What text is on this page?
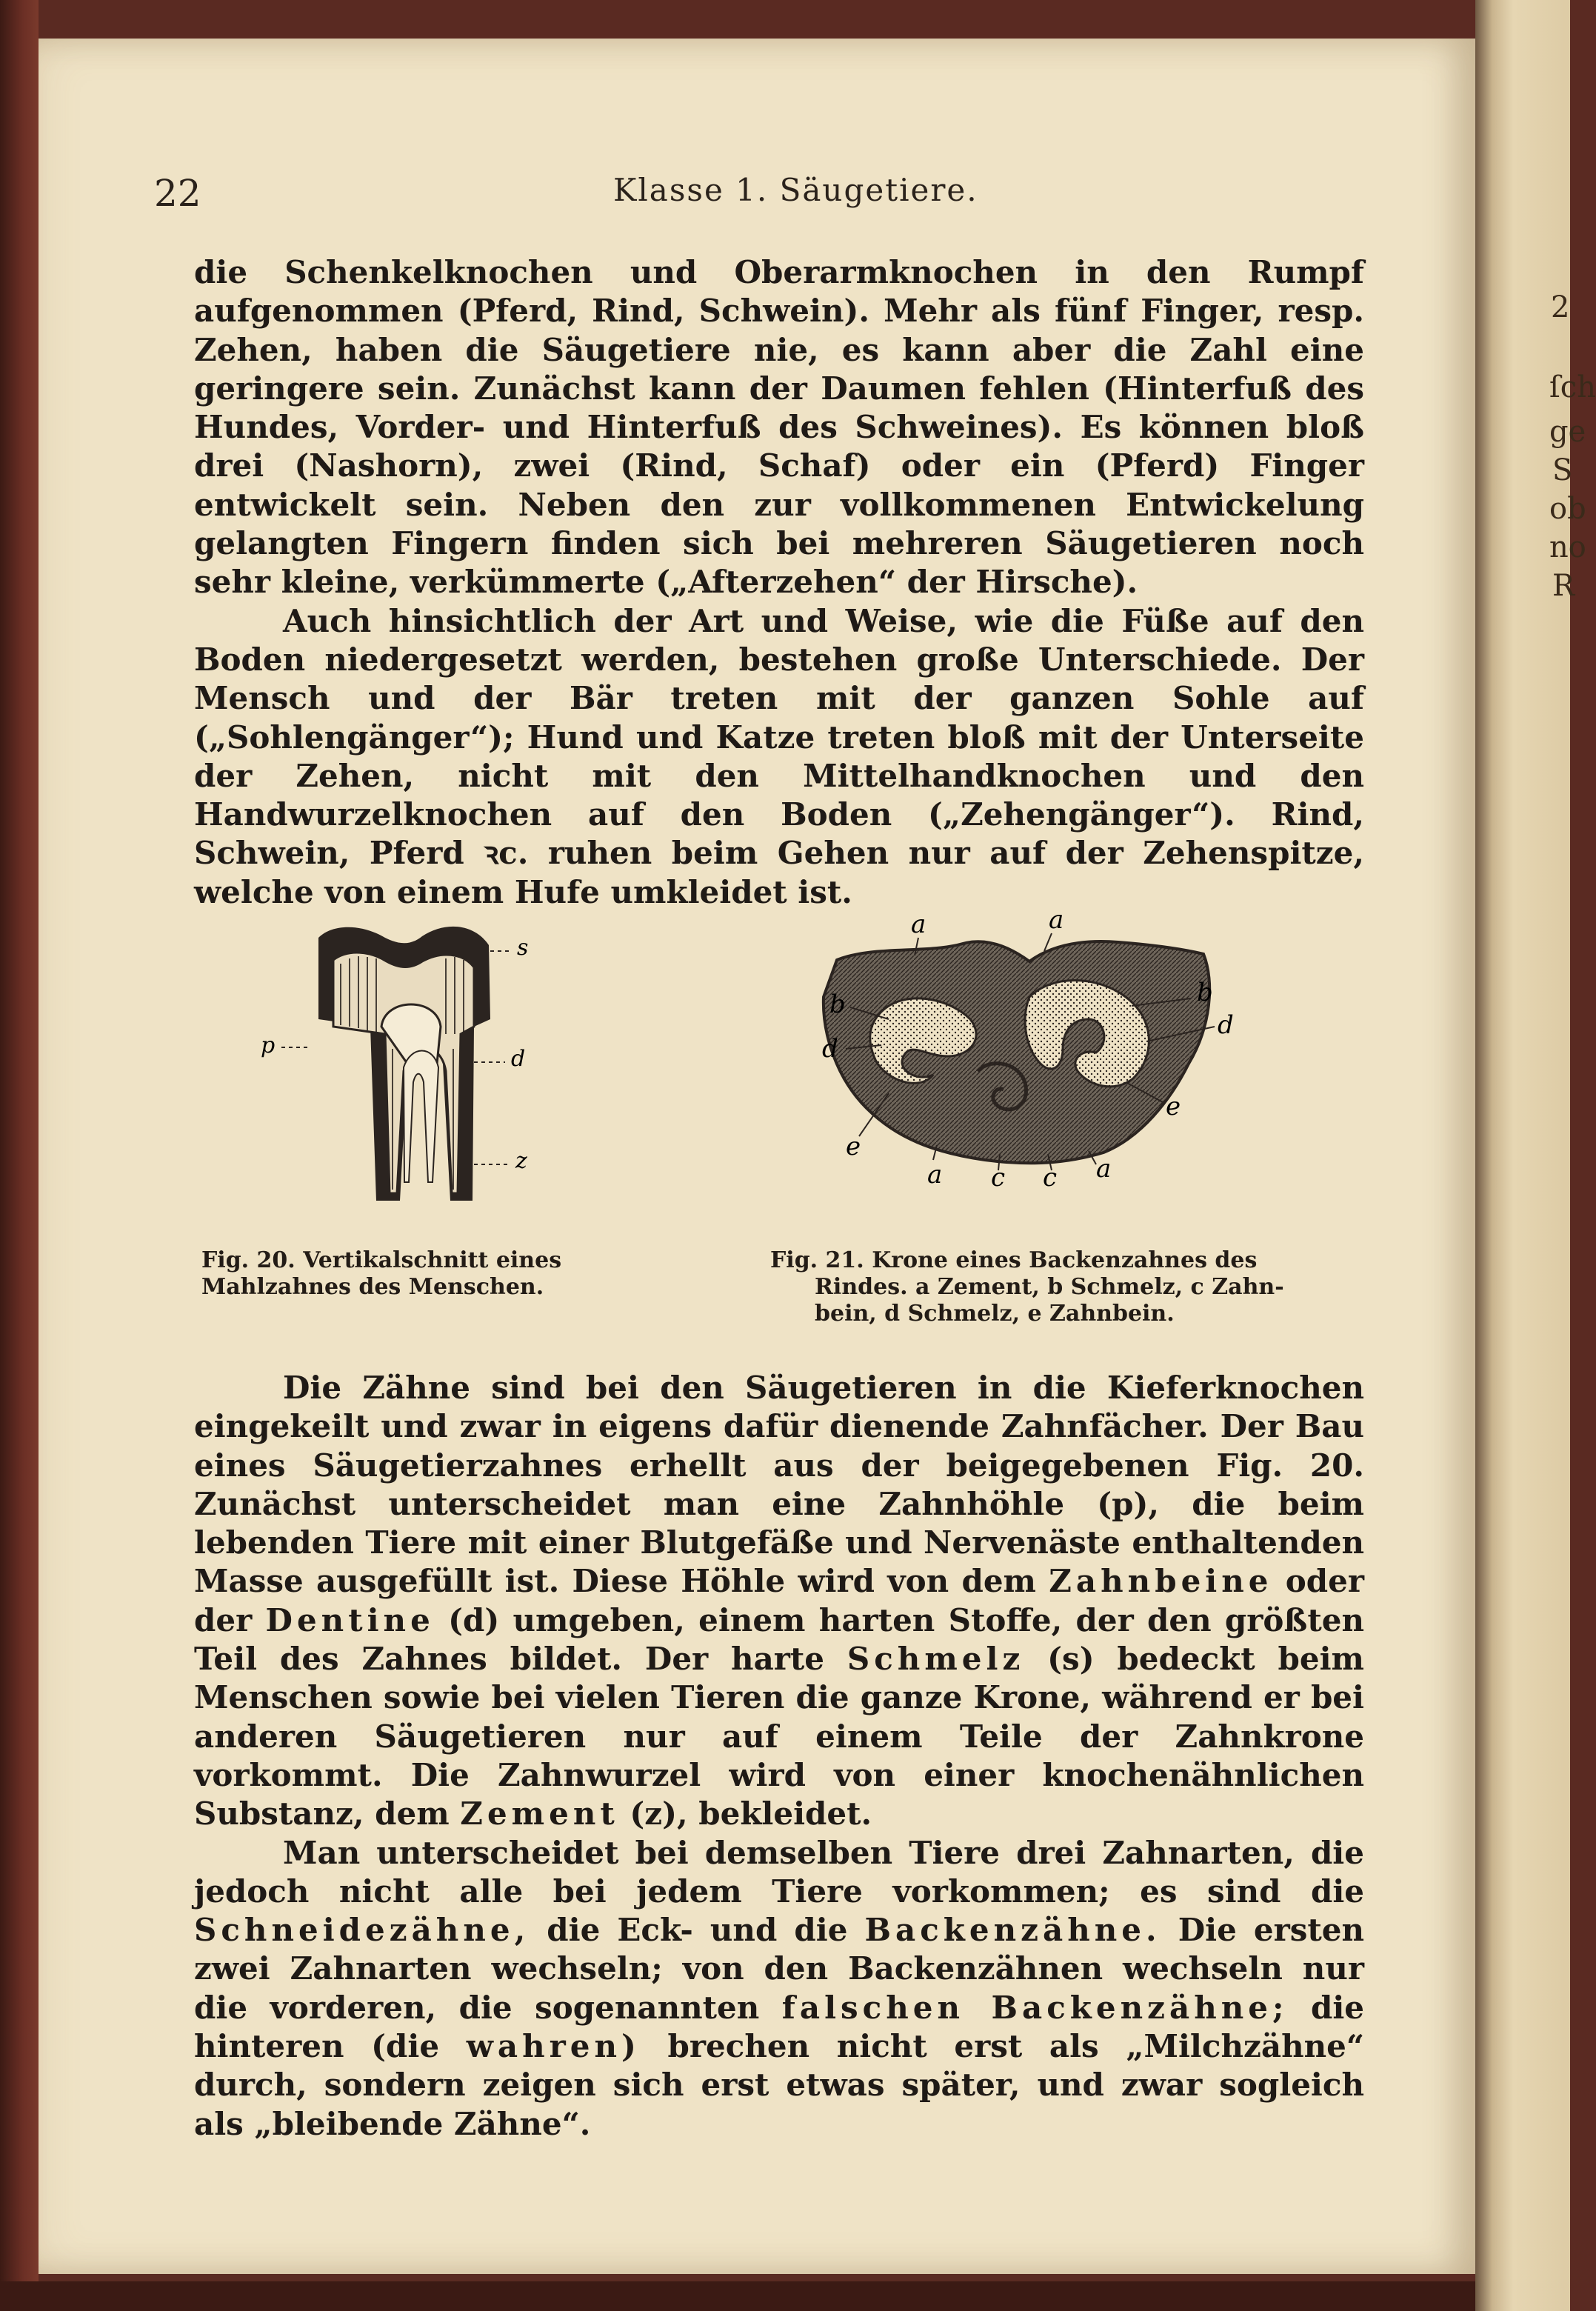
2
ſch
ge
S
ob
no
R
22	Klasse 1. Säugetiere.

die Schenkelknochen und Oberarmknochen in den Rumpf aufgenommen (Pferd, Rind, Schwein). Mehr als fünf Finger, resp. Zehen, haben die Säugetiere nie, es kann aber die Zahl eine geringere sein. Zunächst kann der Daumen fehlen (Hinterfuß des Hundes, Vorder- und Hinterfuß des Schweines). Es können bloß drei (Nashorn), zwei (Rind, Schaf) oder ein (Pferd) Finger entwickelt sein. Neben den zur vollkommenen Entwickelung gelangten Fingern finden sich bei mehreren Säugetieren noch sehr kleine, verkümmerte („Afterzehen“ der Hirsche).

Auch hinsichtlich der Art und Weise, wie die Füße auf den Boden niedergesetzt werden, bestehen große Unterschiede. Der Mensch und der Bär treten mit der ganzen Sohle auf („Sohlengänger“); Hund und Katze treten bloß mit der Unterseite der Zehen, nicht mit den Mittelhandknochen und den Handwurzelknochen auf den Boden („Zehengänger“). Rind, Schwein, Pferd ꝛc. ruhen beim Gehen nur auf der Zehenspitze, welche von einem Hufe umkleidet ist.

s
p
d
z
Fig. 20. Vertikalschnitt eines
Mahlzahnes des Menschen.
a	a
b
d
b
d
e
e
a c c a
Fig. 21. Krone eines Backenzahnes des
Rindes. a Zement, b Schmelz, c Zahn-
bein, d Schmelz, e Zahnbein.

Die Zähne sind bei den Säugetieren in die Kieferknochen eingekeilt und zwar in eigens dafür dienende Zahnfächer. Der Bau eines Säugetierzahnes erhellt aus der beigegebenen Fig. 20. Zunächst unterscheidet man eine Zahnhöhle (p), die beim lebenden Tiere mit einer Blutgefäße und Nervenäste enthaltenden Masse ausgefüllt ist. Diese Höhle wird von dem Zahnbeine oder der Dentine (d) umgeben, einem harten Stoffe, der den größten Teil des Zahnes bildet. Der harte Schmelz (s) bedeckt beim Menschen sowie bei vielen Tieren die ganze Krone, während er bei anderen Säugetieren nur auf einem Teile der Zahnkrone vorkommt. Die Zahnwurzel wird von einer knochenähnlichen Substanz, dem Zement (z), bekleidet.

Man unterscheidet bei demselben Tiere drei Zahnarten, die jedoch nicht alle bei jedem Tiere vorkommen; es sind die Schneidezähne, die Eck- und die Backenzähne. Die ersten zwei Zahnarten wechseln; von den Backenzähnen wechseln nur die vorderen, die sogenannten falschen Backenzähne; die hinteren (die wahren) brechen nicht erst als „Milchzähne“ durch, sondern zeigen sich erst etwas später, und zwar sogleich als „bleibende Zähne“.
